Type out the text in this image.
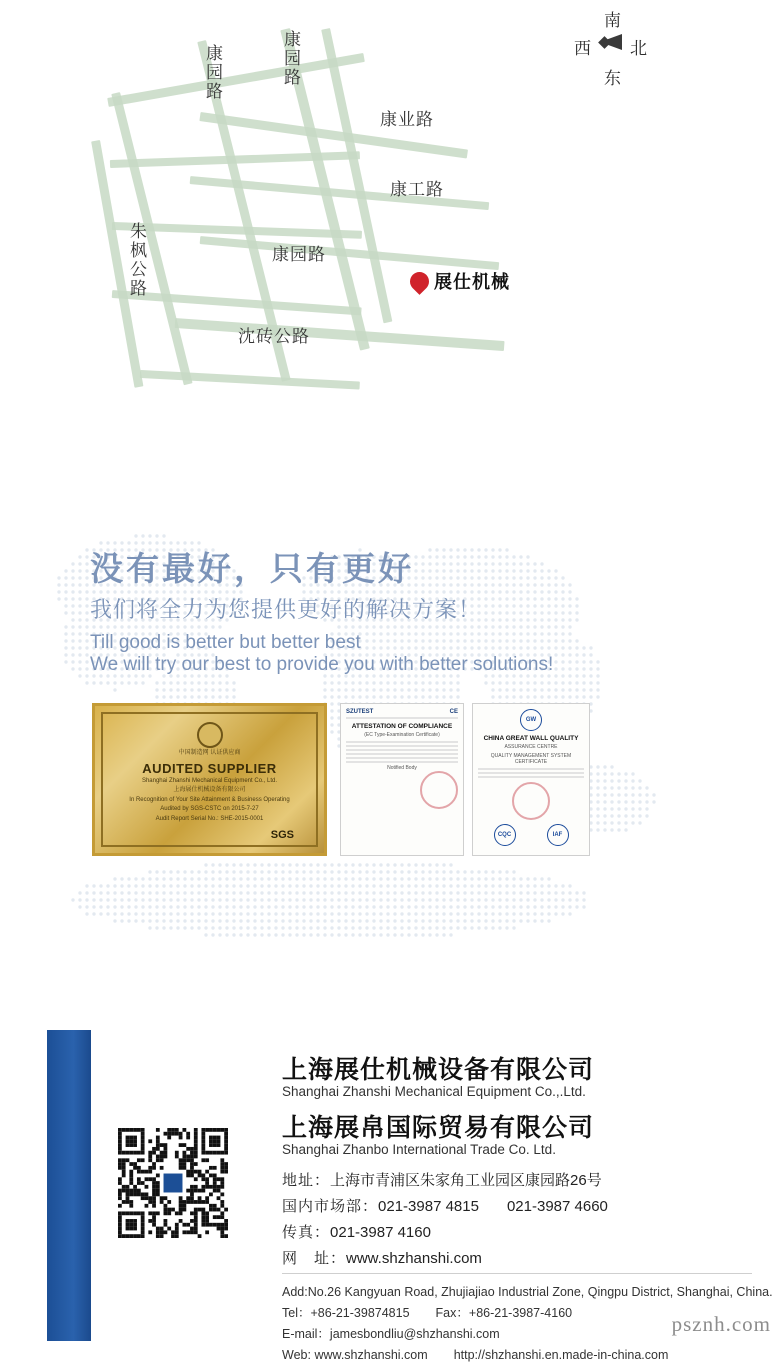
西
南
北
东
康园路	康园路
康业路
康工路
康园路
朱枫公路
沈砖公路
展仕机械
没有最好，只有更好
我们将全力为您提供更好的解决方案！
Till good is better but better best
We will try our best to provide you with better solutions!
中国制造网 认证供应商
AUDITED SUPPLIER
Shanghai Zhanshi Mechanical Equipment Co., Ltd.
上海展仕机械设备有限公司
In Recognition of Your Site Attainment & Business Operating
Audited by SGS-CSTC on 2015-7-27
Audit Report Serial No.: SHE-2015-0001
SGS
SZUTEST	CE
ATTESTATION OF COMPLIANCE
(EC Type-Examination Certificate)
Notified Body
GW
CHINA GREAT WALL QUALITY
ASSURANCE CENTRE
QUALITY MANAGEMENT SYSTEM CERTIFICATE
CQC	IAF
上海展仕机械设备有限公司
Shanghai Zhanshi Mechanical Equipment Co.,.Ltd.
上海展帛国际贸易有限公司
Shanghai Zhanbo International Trade Co. Ltd.
地址：上海市青浦区朱家角工业园区康园路26号
国内市场部：021-3987 4815 021-3987 4660
传真：021-3987 4160
网　址：www.shzhanshi.com
Add:No.26 Kangyuan Road, Zhujiajiao Industrial Zone, Qingpu District, Shanghai, China.
Tel：+86-21-39874815 Fax：+86-21-3987-4160
E-mail：jamesbondliu@shzhanshi.com
Web: www.shzhanshi.com http://shzhanshi.en.made-in-china.com
psznh.com
